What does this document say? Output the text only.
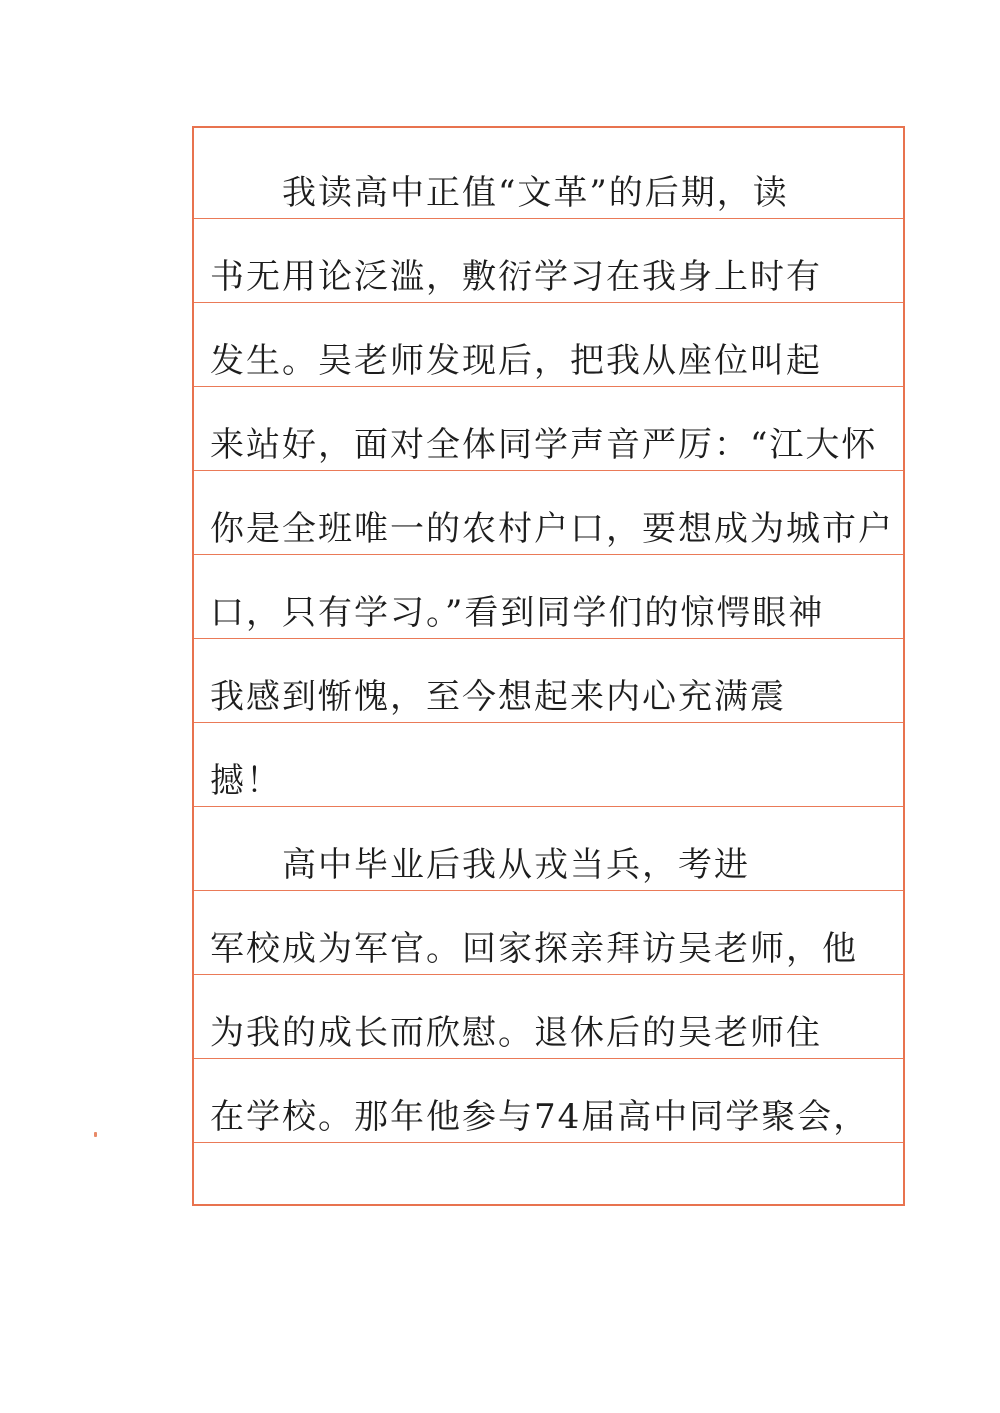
我读高中正值“文革”的后期，读
书无用论泛滥，敷衍学习在我身上时有
发生。吴老师发现后，把我从座位叫起
来站好，面对全体同学声音严厉：“江大怀
你是全班唯一的农村户口，要想成为城市户
口，只有学习。”看到同学们的惊愕眼神
我感到惭愧，至今想起来内心充满震
撼！
高中毕业后我从戎当兵，考进
军校成为军官。回家探亲拜访吴老师，他
为我的成长而欣慰。退休后的吴老师住
在学校。那年他参与74届高中同学聚会，
